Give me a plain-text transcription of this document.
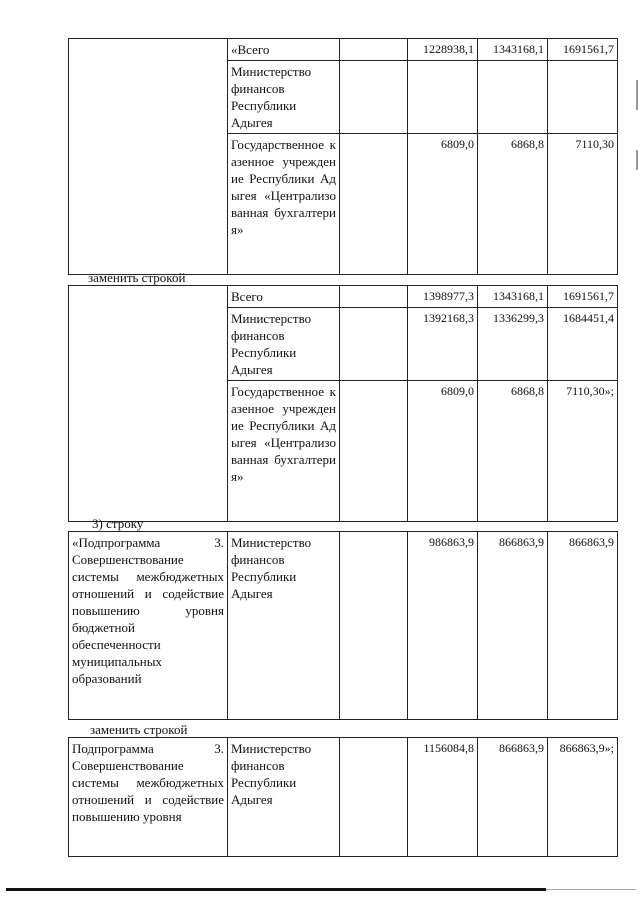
	«Всего		1228938,1	1343168,1	1691561,7
	Министерство финансов Республики Адыгея				
	Государственное казенное учреждение Республики Адыгея «Централизованная бухгалтерия»		6809,0	6868,8	7110,30
заменить строкой
	Всего		1398977,3	1343168,1	1691561,7
	Министерство финансов Республики Адыгея		1392168,3	1336299,3	1684451,4
	Государственное казенное учреждение Республики Адыгея «Централизованная бухгалтерия»		6809,0	6868,8	7110,30»;
3) строку
«Подпрограмма 3. Совершенствование системы межбюджетных отношений и содействие повышению уровня бюджетной обеспеченности муниципальных образований	Министерство финансов Республики Адыгея		986863,9	866863,9	866863,9
заменить строкой
Подпрограмма 3. Совершенствование системы межбюджетных отношений и содействие повышению уровня	Министерство финансов Республики Адыгея		1156084,8	866863,9	866863,9»;
